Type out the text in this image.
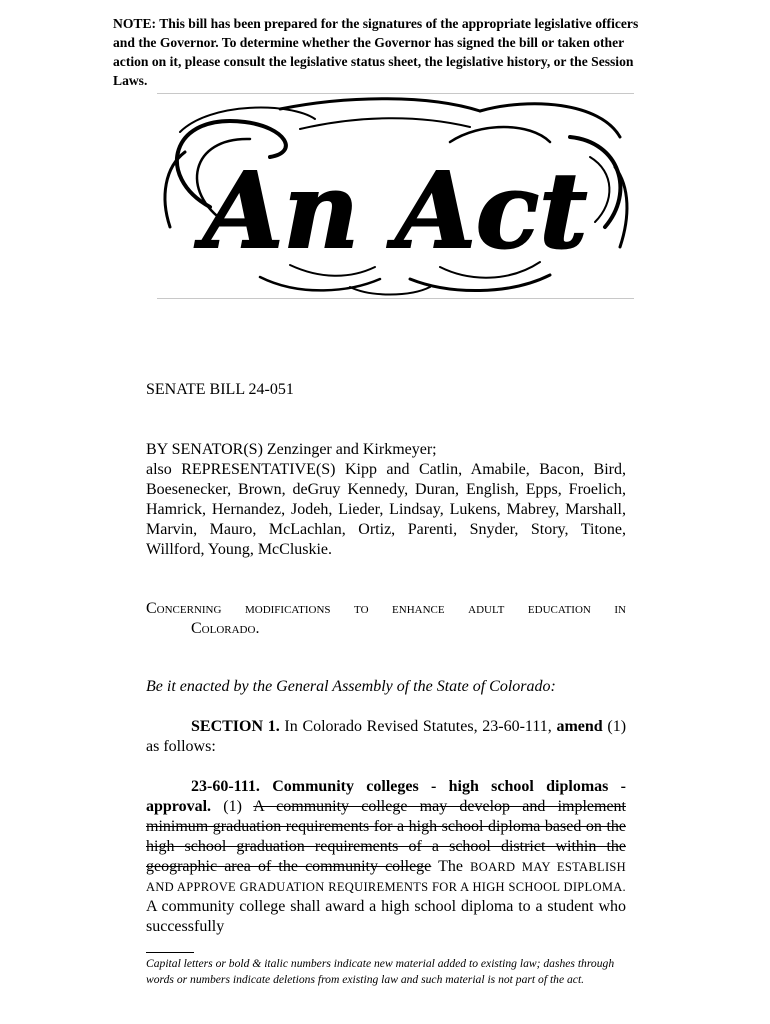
NOTE: This bill has been prepared for the signatures of the appropriate legislative officers and the Governor. To determine whether the Governor has signed the bill or taken other action on it, please consult the legislative status sheet, the legislative history, or the Session Laws.
An Act
SENATE BILL 24-051
BY SENATOR(S) Zenzinger and Kirkmeyer;
also REPRESENTATIVE(S) Kipp and Catlin, Amabile, Bacon, Bird, Boesenecker, Brown, deGruy Kennedy, Duran, English, Epps, Froelich, Hamrick, Hernandez, Jodeh, Lieder, Lindsay, Lukens, Mabrey, Marshall, Marvin, Mauro, McLachlan, Ortiz, Parenti, Snyder, Story, Titone, Willford, Young, McCluskie.
Concerning modifications to enhance adult education in
Colorado.
Be it enacted by the General Assembly of the State of Colorado:
SECTION 1. In Colorado Revised Statutes, 23-60-111, amend (1) as follows:
23-60-111. Community colleges - high school diplomas - approval. (1) A community college may develop and implement minimum graduation requirements for a high school diploma based on the high school graduation requirements of a school district within the geographic area of the community college The BOARD MAY ESTABLISH AND APPROVE GRADUATION REQUIREMENTS FOR A HIGH SCHOOL DIPLOMA. A community college shall award a high school diploma to a student who successfully
Capital letters or bold & italic numbers indicate new material added to existing law; dashes through words or numbers indicate deletions from existing law and such material is not part of the act.
